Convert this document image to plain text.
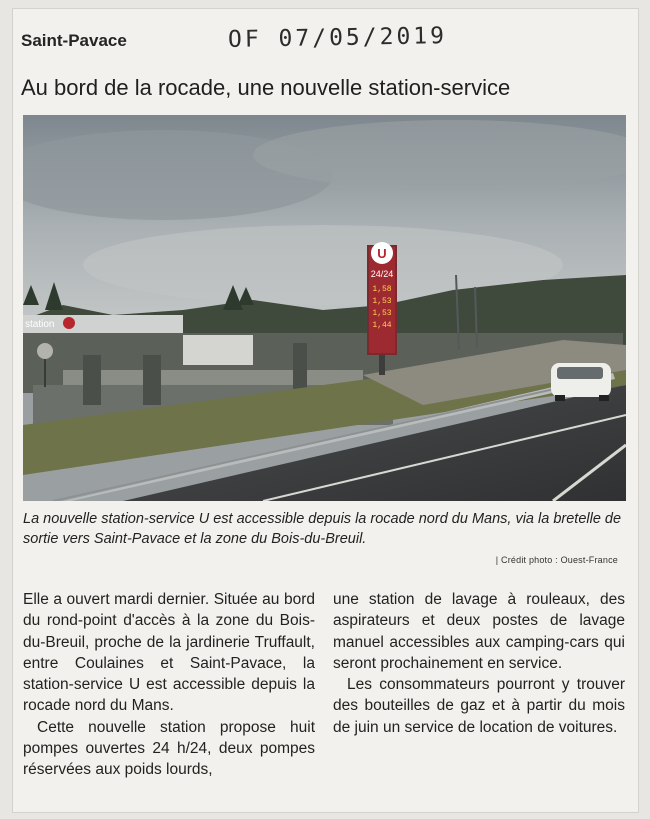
Saint-Pavace	OF 07/05/2019
Au bord de la rocade, une nouvelle station-service
station
U
24/24
1,58
1,53
1,53
1,44
La nouvelle station-service U est accessible depuis la rocade nord du Mans, via la bretelle de sortie vers Saint-Pavace et la zone du Bois-du-Breuil.
| Crédit photo : Ouest-France

Elle a ouvert mardi dernier. Située au bord du rond-point d'accès à la zone du Bois-du-Breuil, proche de la jardinerie Truffault, entre Coulaines et Saint-Pavace, la station-service U est accessible depuis la rocade nord du Mans.

Cette nouvelle station propose huit pompes ouvertes 24 h/24, deux pompes réservées aux poids lourds,

une station de lavage à rouleaux, des aspirateurs et deux postes de lavage manuel accessibles aux camping-cars qui seront prochainement en service.

Les consommateurs pourront y trouver des bouteilles de gaz et à partir du mois de juin un service de location de voitures.
